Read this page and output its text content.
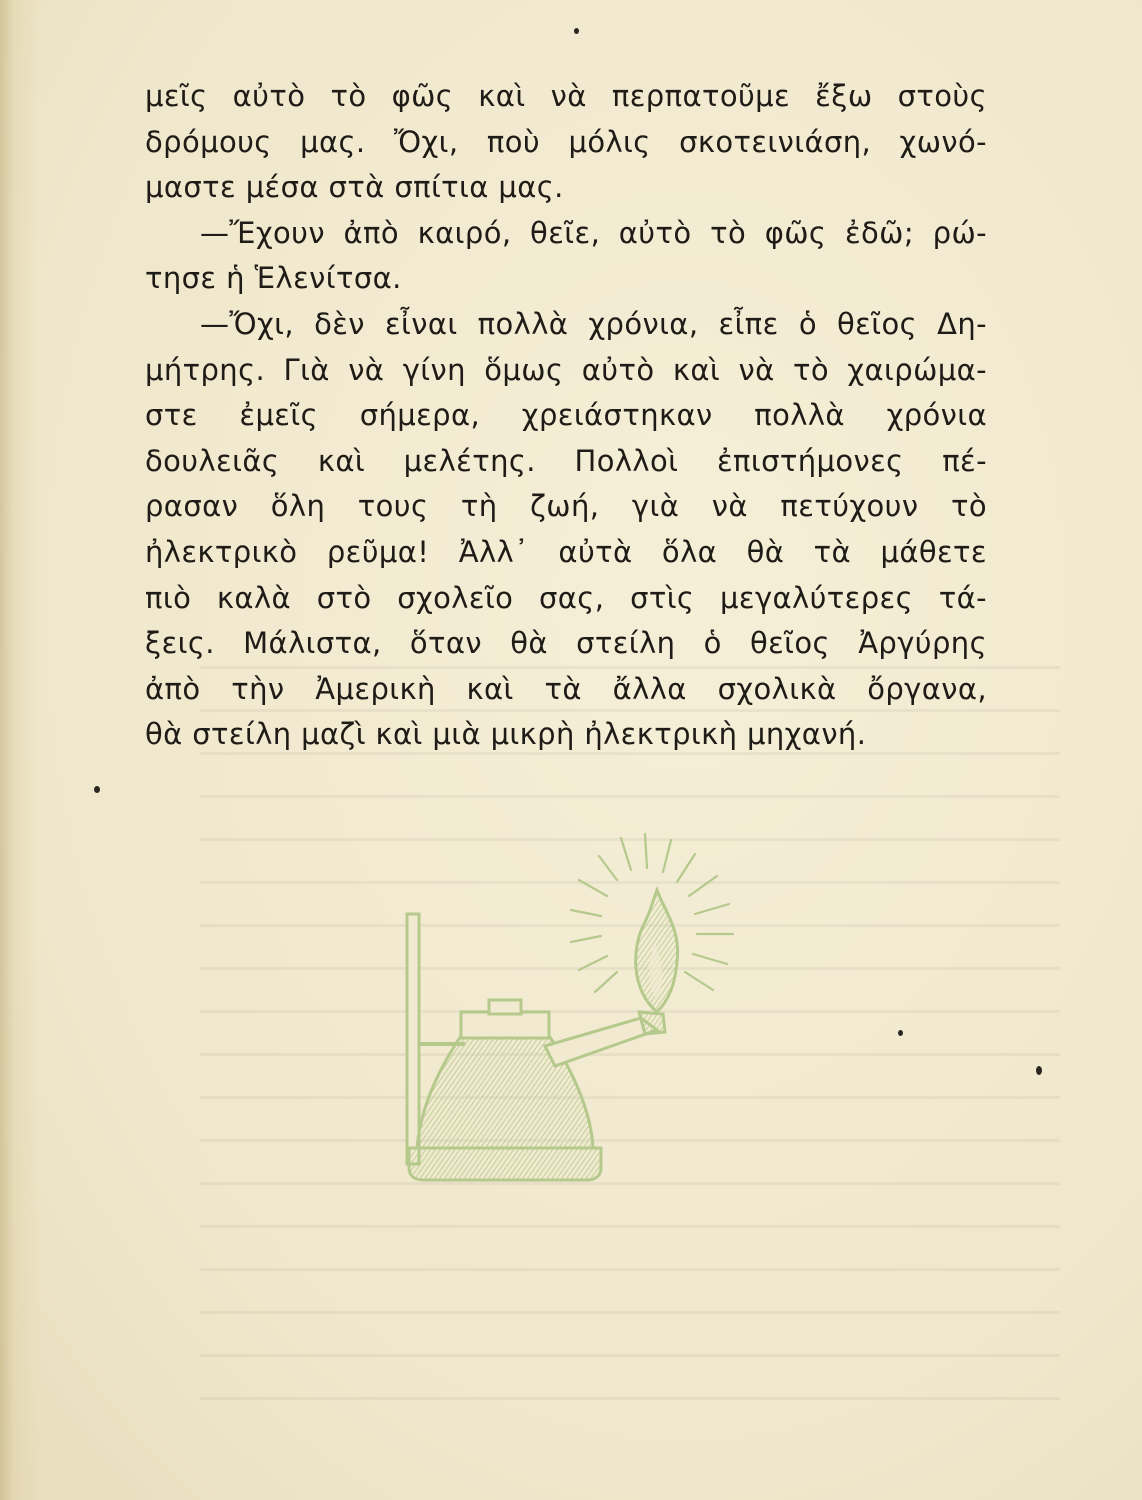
μεῖς αὐτὸ τὸ φῶς καὶ νὰ περπατοῦμε ἔξω στοὺς
δρόμους μας. Ὄχι, ποὺ μόλις σκοτεινιάση, χωνό-
μαστε μέσα στὰ σπίτια μας.
—Ἔχουν ἀπὸ καιρό, θεῖε, αὐτὸ τὸ φῶς ἐδῶ; ρώ-
τησε ἡ Ἑλενίτσα.
—Ὄχι, δὲν εἶναι πολλὰ χρόνια, εἶπε ὁ θεῖος Δη-
μήτρης. Γιὰ νὰ γίνη ὅμως αὐτὸ καὶ νὰ τὸ χαιρώμα-
στε ἐμεῖς σήμερα, χρειάστηκαν πολλὰ χρόνια
δουλειᾶς καὶ μελέτης. Πολλοὶ ἐπιστήμονες πέ-
ρασαν ὅλη τους τὴ ζωή, γιὰ νὰ πετύχουν τὸ
ἠλεκτρικὸ ρεῦμα! Ἀλλ᾿ αὐτὰ ὅλα θὰ τὰ μάθετε
πιὸ καλὰ στὸ σχολεῖο σας, στὶς μεγαλύτερες τά-
ξεις. Μάλιστα, ὅταν θὰ στείλη ὁ θεῖος Ἀργύρης
ἀπὸ τὴν Ἀμερικὴ καὶ τὰ ἄλλα σχολικὰ ὄργανα,
θὰ στείλη μαζὶ καὶ μιὰ μικρὴ ἠλεκτρικὴ μηχανή.
